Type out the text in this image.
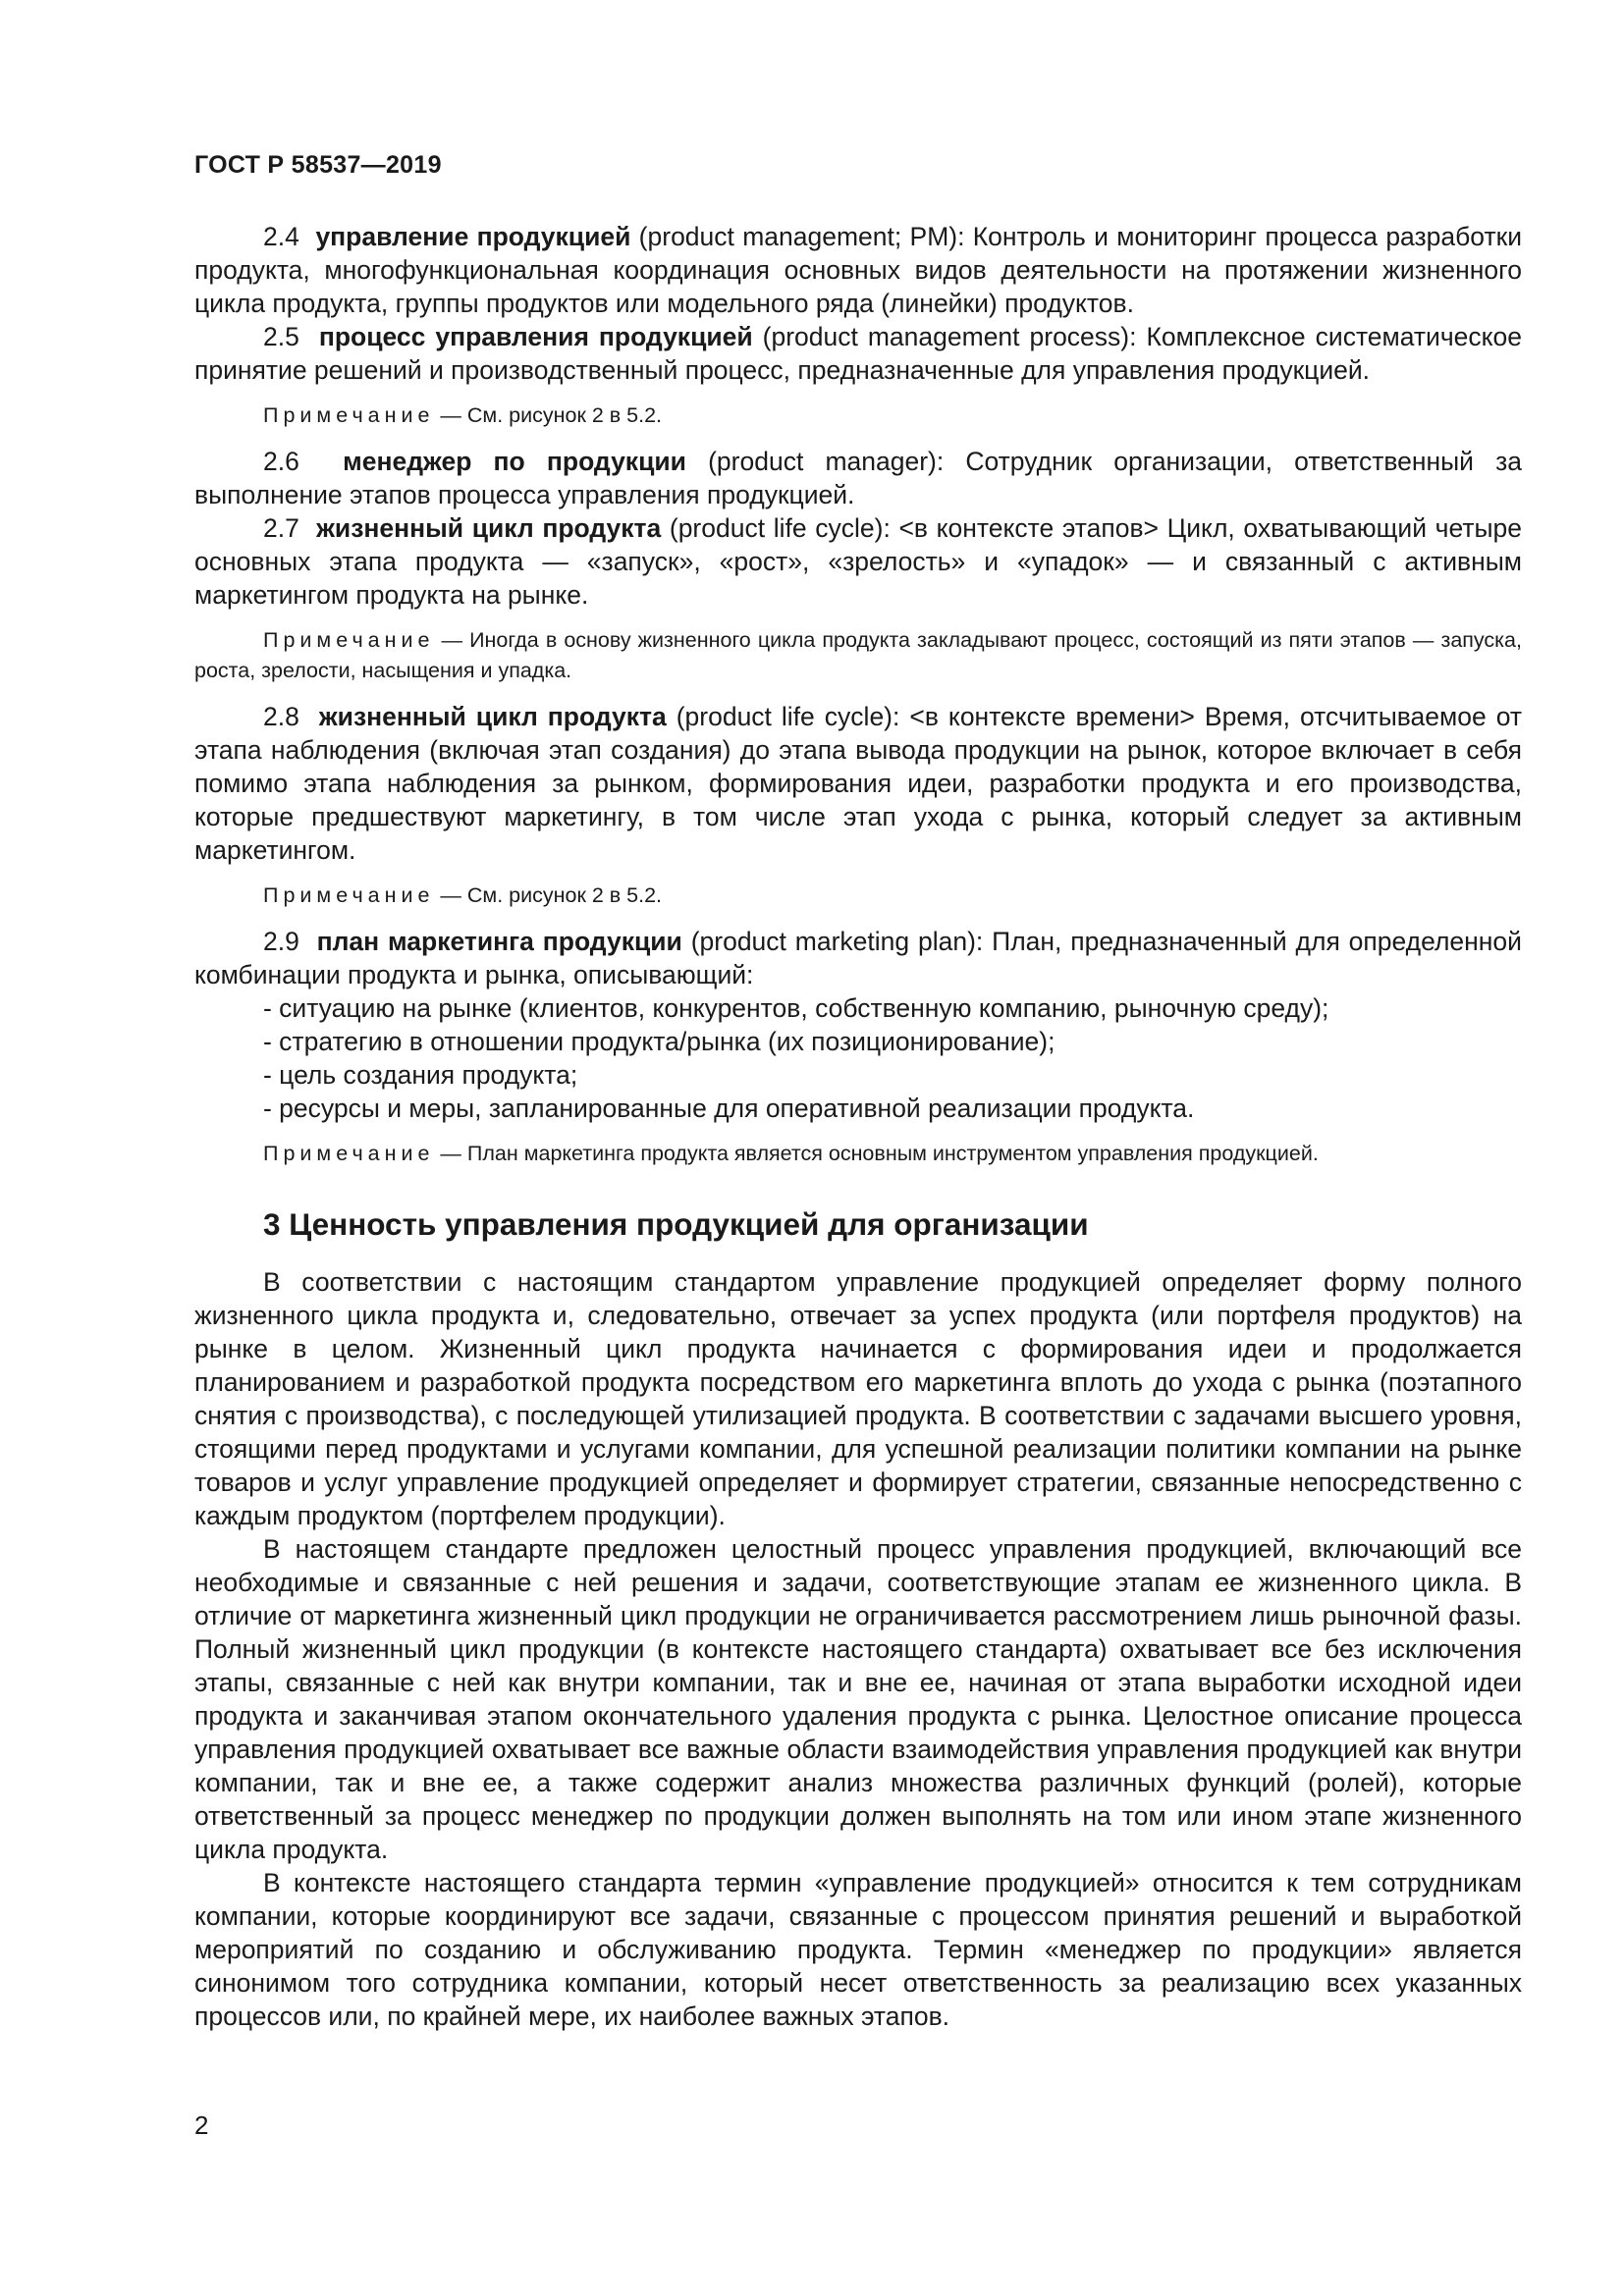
ГОСТ Р 58537—2019

2.4 управление продукцией (product management; PM): Контроль и мониторинг процесса разработки продукта, многофункциональная координация основных видов деятельности на протяжении жизненного цикла продукта, группы продуктов или модельного ряда (линейки) продуктов.

2.5 процесс управления продукцией (product management process): Комплексное систематическое принятие решений и производственный процесс, предназначенные для управления продукцией.

Примечание — См. рисунок 2 в 5.2.

2.6 менеджер по продукции (product manager): Сотрудник организации, ответственный за выполнение этапов процесса управления продукцией.

2.7 жизненный цикл продукта (product life cycle): <в контексте этапов> Цикл, охватывающий четыре основных этапа продукта — «запуск», «рост», «зрелость» и «упадок» — и связанный с активным маркетингом продукта на рынке.

Примечание — Иногда в основу жизненного цикла продукта закладывают процесс, состоящий из пяти этапов — запуска, роста, зрелости, насыщения и упадка.

2.8 жизненный цикл продукта (product life cycle): <в контексте времени> Время, отсчитываемое от этапа наблюдения (включая этап создания) до этапа вывода продукции на рынок, которое включает в себя помимо этапа наблюдения за рынком, формирования идеи, разработки продукта и его производства, которые предшествуют маркетингу, в том числе этап ухода с рынка, который следует за активным маркетингом.

Примечание — См. рисунок 2 в 5.2.

2.9 план маркетинга продукции (product marketing plan): План, предназначенный для определенной комбинации продукта и рынка, описывающий:

- ситуацию на рынке (клиентов, конкурентов, собственную компанию, рыночную среду);

- стратегию в отношении продукта/рынка (их позиционирование);

- цель создания продукта;

- ресурсы и меры, запланированные для оперативной реализации продукта.

Примечание — План маркетинга продукта является основным инструментом управления продукцией.

3 Ценность управления продукцией для организации

В соответствии с настоящим стандартом управление продукцией определяет форму полного жизненного цикла продукта и, следовательно, отвечает за успех продукта (или портфеля продуктов) на рынке в целом. Жизненный цикл продукта начинается с формирования идеи и продолжается планированием и разработкой продукта посредством его маркетинга вплоть до ухода с рынка (поэтапного снятия с производства), с последующей утилизацией продукта. В соответствии с задачами высшего уровня, стоящими перед продуктами и услугами компании, для успешной реализации политики компании на рынке товаров и услуг управление продукцией определяет и формирует стратегии, связанные непосредственно с каждым продуктом (портфелем продукции).

В настоящем стандарте предложен целостный процесс управления продукцией, включающий все необходимые и связанные с ней решения и задачи, соответствующие этапам ее жизненного цикла. В отличие от маркетинга жизненный цикл продукции не ограничивается рассмотрением лишь рыночной фазы. Полный жизненный цикл продукции (в контексте настоящего стандарта) охватывает все без исключения этапы, связанные с ней как внутри компании, так и вне ее, начиная от этапа выработки исходной идеи продукта и заканчивая этапом окончательного удаления продукта с рынка. Целостное описание процесса управления продукцией охватывает все важные области взаимодействия управления продукцией как внутри компании, так и вне ее, а также содержит анализ множества различных функций (ролей), которые ответственный за процесс менеджер по продукции должен выполнять на том или ином этапе жизненного цикла продукта.

В контексте настоящего стандарта термин «управление продукцией» относится к тем сотрудникам компании, которые координируют все задачи, связанные с процессом принятия решений и выработкой мероприятий по созданию и обслуживанию продукта. Термин «менеджер по продукции» является синонимом того сотрудника компании, который несет ответственность за реализацию всех указанных процессов или, по крайней мере, их наиболее важных этапов.

2
